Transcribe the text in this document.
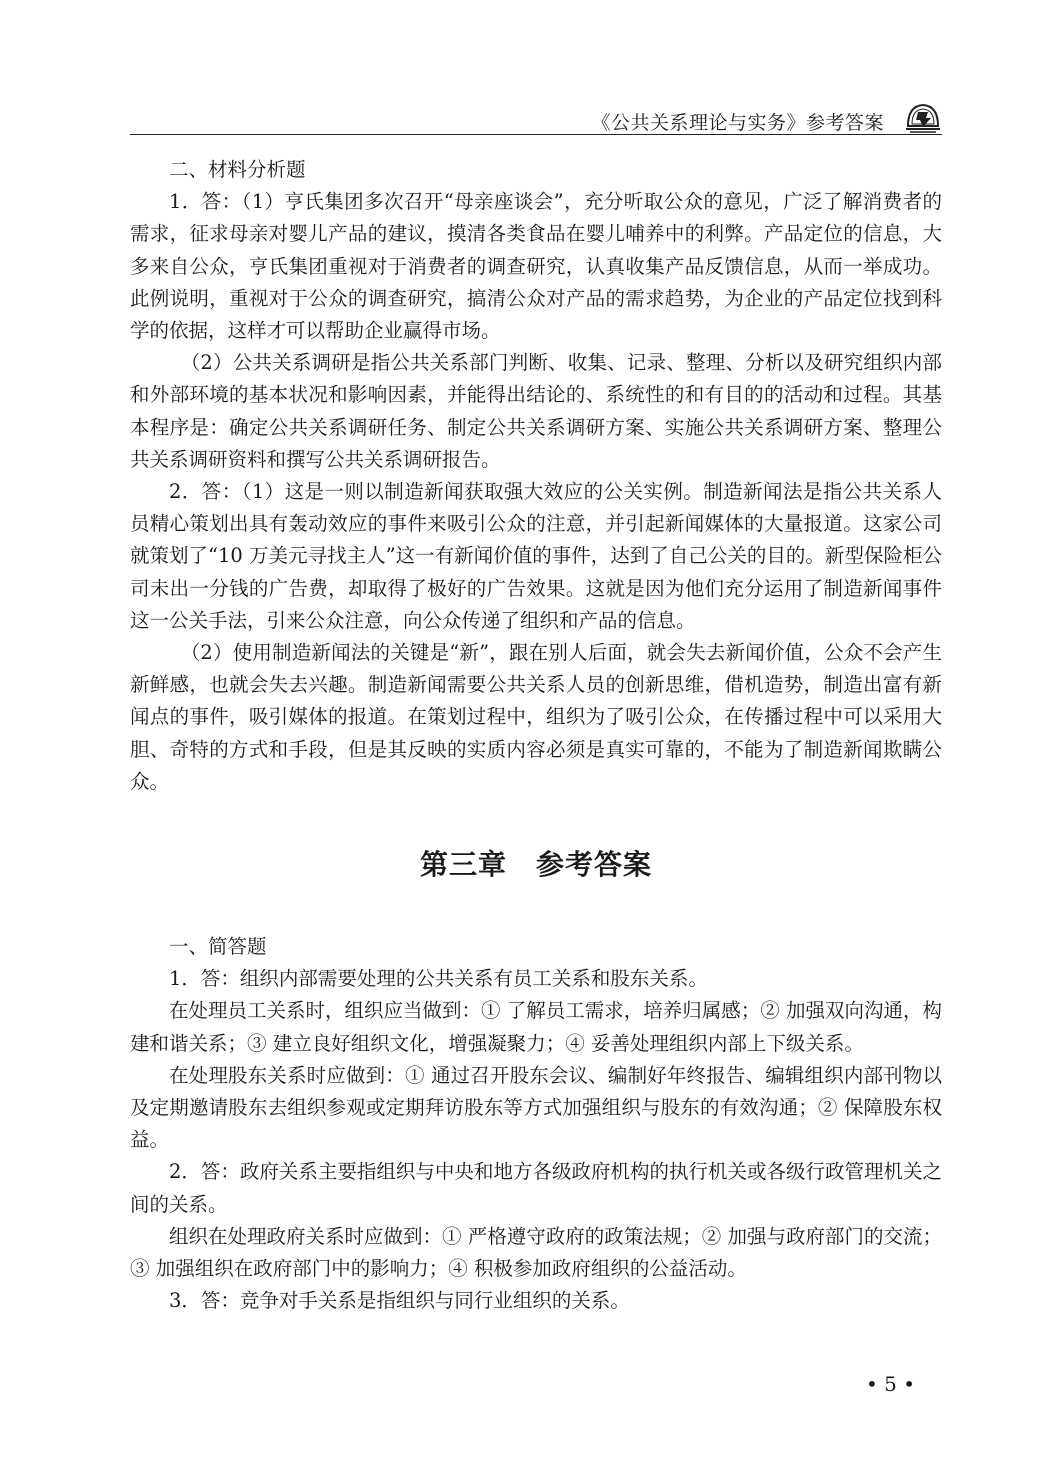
《公共关系理论与实务》参考答案

二、材料分析题

1．答：（1）亨氏集团多次召开“母亲座谈会”，充分听取公众的意见，广泛了解消费者的需求，征求母亲对婴儿产品的建议，摸清各类食品在婴儿哺养中的利弊。产品定位的信息，大多来自公众，亨氏集团重视对于消费者的调查研究，认真收集产品反馈信息，从而一举成功。此例说明，重视对于公众的调查研究，搞清公众对产品的需求趋势，为企业的产品定位找到科学的依据，这样才可以帮助企业赢得市场。

（2）公共关系调研是指公共关系部门判断、收集、记录、整理、分析以及研究组织内部和外部环境的基本状况和影响因素，并能得出结论的、系统性的和有目的的活动和过程。其基本程序是：确定公共关系调研任务、制定公共关系调研方案、实施公共关系调研方案、整理公共关系调研资料和撰写公共关系调研报告。

2．答：（1）这是一则以制造新闻获取强大效应的公关实例。制造新闻法是指公共关系人员精心策划出具有轰动效应的事件来吸引公众的注意，并引起新闻媒体的大量报道。这家公司就策划了“10 万美元寻找主人”这一有新闻价值的事件，达到了自己公关的目的。新型保险柜公司未出一分钱的广告费，却取得了极好的广告效果。这就是因为他们充分运用了制造新闻事件这一公关手法，引来公众注意，向公众传递了组织和产品的信息。

（2）使用制造新闻法的关键是“新”，跟在别人后面，就会失去新闻价值，公众不会产生新鲜感，也就会失去兴趣。制造新闻需要公共关系人员的创新思维，借机造势，制造出富有新闻点的事件，吸引媒体的报道。在策划过程中，组织为了吸引公众，在传播过程中可以采用大胆、奇特的方式和手段，但是其反映的实质内容必须是真实可靠的，不能为了制造新闻欺瞒公众。

第三章　参考答案

一、简答题

1．答：组织内部需要处理的公共关系有员工关系和股东关系。

在处理员工关系时，组织应当做到：① 了解员工需求，培养归属感；② 加强双向沟通，构建和谐关系；③ 建立良好组织文化，增强凝聚力；④ 妥善处理组织内部上下级关系。

在处理股东关系时应做到：① 通过召开股东会议、编制好年终报告、编辑组织内部刊物以及定期邀请股东去组织参观或定期拜访股东等方式加强组织与股东的有效沟通；② 保障股东权益。

2．答：政府关系主要指组织与中央和地方各级政府机构的执行机关或各级行政管理机关之间的关系。

组织在处理政府关系时应做到：① 严格遵守政府的政策法规；② 加强与政府部门的交流；③ 加强组织在政府部门中的影响力；④ 积极参加政府组织的公益活动。

3．答：竞争对手关系是指组织与同行业组织的关系。

• 5 •
